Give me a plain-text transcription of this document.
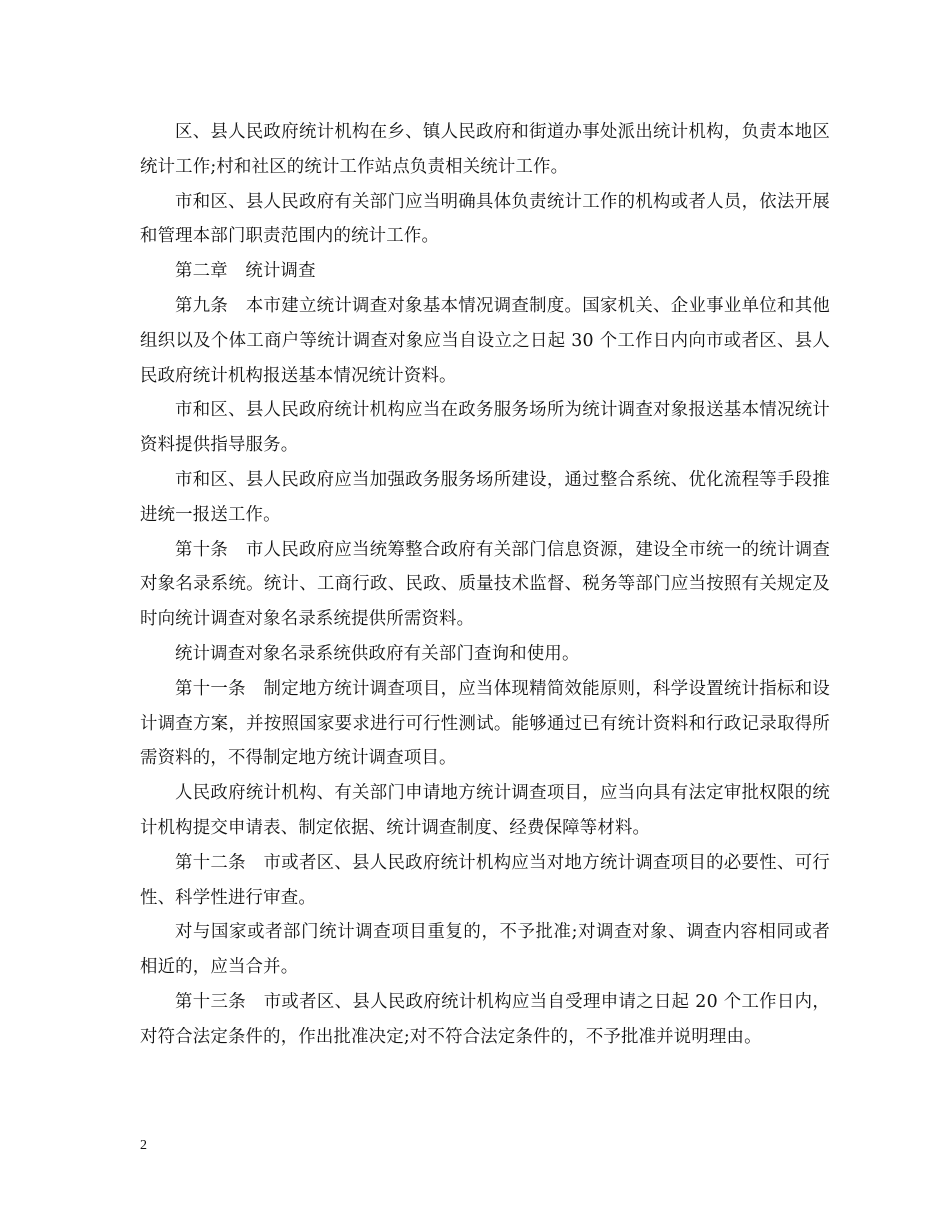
区、县人民政府统计机构在乡、镇人民政府和街道办事处派出统计机构，负责本地区统计工作;村和社区的统计工作站点负责相关统计工作。

市和区、县人民政府有关部门应当明确具体负责统计工作的机构或者人员，依法开展和管理本部门职责范围内的统计工作。

第二章　统计调查

第九条　本市建立统计调查对象基本情况调查制度。国家机关、企业事业单位和其他组织以及个体工商户等统计调查对象应当自设立之日起 30 个工作日内向市或者区、县人民政府统计机构报送基本情况统计资料。

市和区、县人民政府统计机构应当在政务服务场所为统计调查对象报送基本情况统计资料提供指导服务。

市和区、县人民政府应当加强政务服务场所建设，通过整合系统、优化流程等手段推进统一报送工作。

第十条　市人民政府应当统筹整合政府有关部门信息资源，建设全市统一的统计调查对象名录系统。统计、工商行政、民政、质量技术监督、税务等部门应当按照有关规定及时向统计调查对象名录系统提供所需资料。

统计调查对象名录系统供政府有关部门查询和使用。

第十一条　制定地方统计调查项目，应当体现精简效能原则，科学设置统计指标和设计调查方案，并按照国家要求进行可行性测试。能够通过已有统计资料和行政记录取得所需资料的，不得制定地方统计调查项目。

人民政府统计机构、有关部门申请地方统计调查项目，应当向具有法定审批权限的统计机构提交申请表、制定依据、统计调查制度、经费保障等材料。

第十二条　市或者区、县人民政府统计机构应当对地方统计调查项目的必要性、可行性、科学性进行审查。

对与国家或者部门统计调查项目重复的，不予批准;对调查对象、调查内容相同或者相近的，应当合并。

第十三条　市或者区、县人民政府统计机构应当自受理申请之日起 20 个工作日内，对符合法定条件的，作出批准决定;对不符合法定条件的，不予批准并说明理由。

2
